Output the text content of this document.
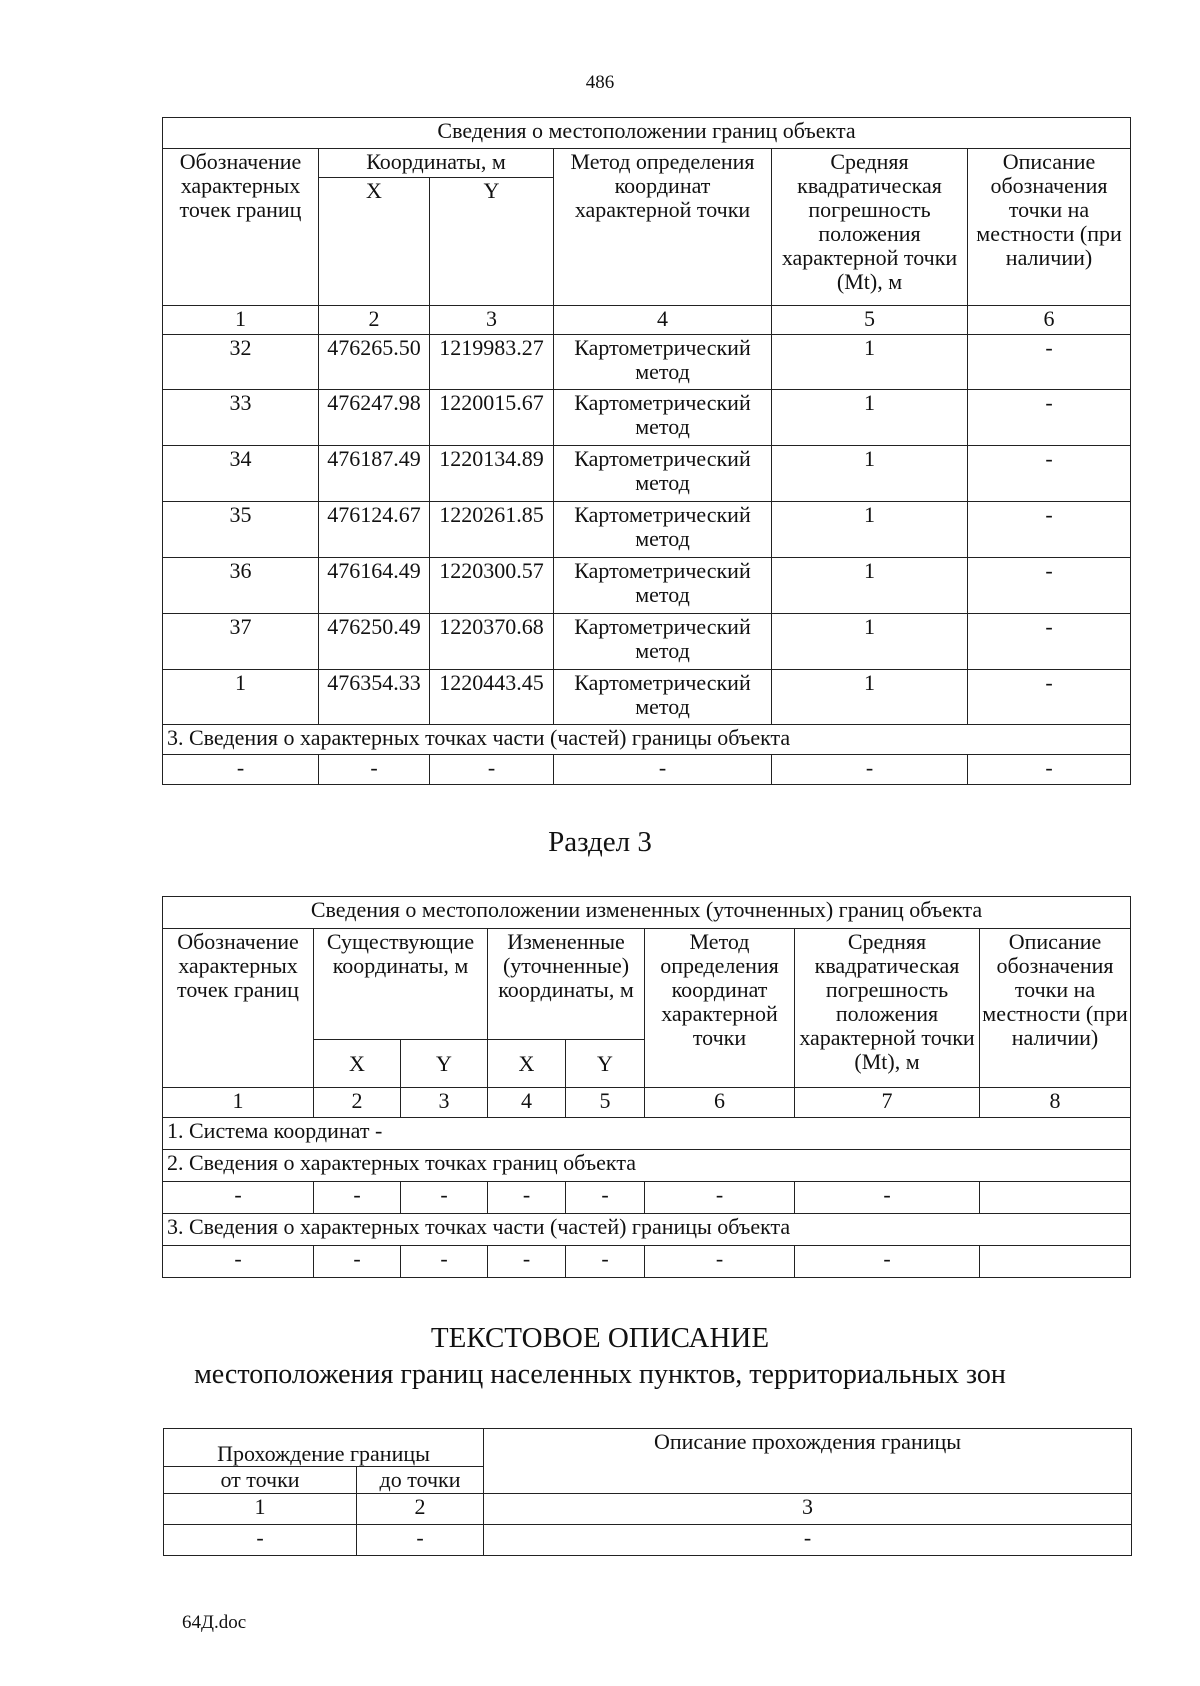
486
Сведения о местоположении границ объекта					
Обозначение характерных точек границ	Координаты, м		Метод определения координат характерной точки	Средняя квадратическая погрешность положения характерной точки (Mt), м	Описание обозначения точки на местности (при наличии)
	X	Y			
1	2	3	4	5	6
32	476265.50	1219983.27	Картометрический метод	1	-
33	476247.98	1220015.67	Картометрический метод	1	-
34	476187.49	1220134.89	Картометрический метод	1	-
35	476124.67	1220261.85	Картометрический метод	1	-
36	476164.49	1220300.57	Картометрический метод	1	-
37	476250.49	1220370.68	Картометрический метод	1	-
1	476354.33	1220443.45	Картометрический метод	1	-
3. Сведения о характерных точках части (частей) границы объекта					
-	-	-	-	-	-
Раздел 3
Сведения о местоположении измененных (уточненных) границ объекта							
Обозначение характерных точек границ	Существующие координаты, м		Измененные (уточненные) координаты, м		Метод определения координат характерной точки	Средняя квадратическая погрешность положения характерной точки (Mt), м	Описание обозначения точки на местности (при наличии)
	X	Y	X	Y			
1	2	3	4	5	6	7	8
1. Система координат -							
2. Сведения о характерных точках границ объекта							
-	-	-	-	-	-	-	
3. Сведения о характерных точках части (частей) границы объекта							
-	-	-	-	-	-	-	
ТЕКСТОВОЕ ОПИСАНИЕ
местоположения границ населенных пунктов, территориальных зон
Прохождение границы		Описание прохождения границы
от точки	до точки	
1	2	3
-	-	-
64Д.doc
